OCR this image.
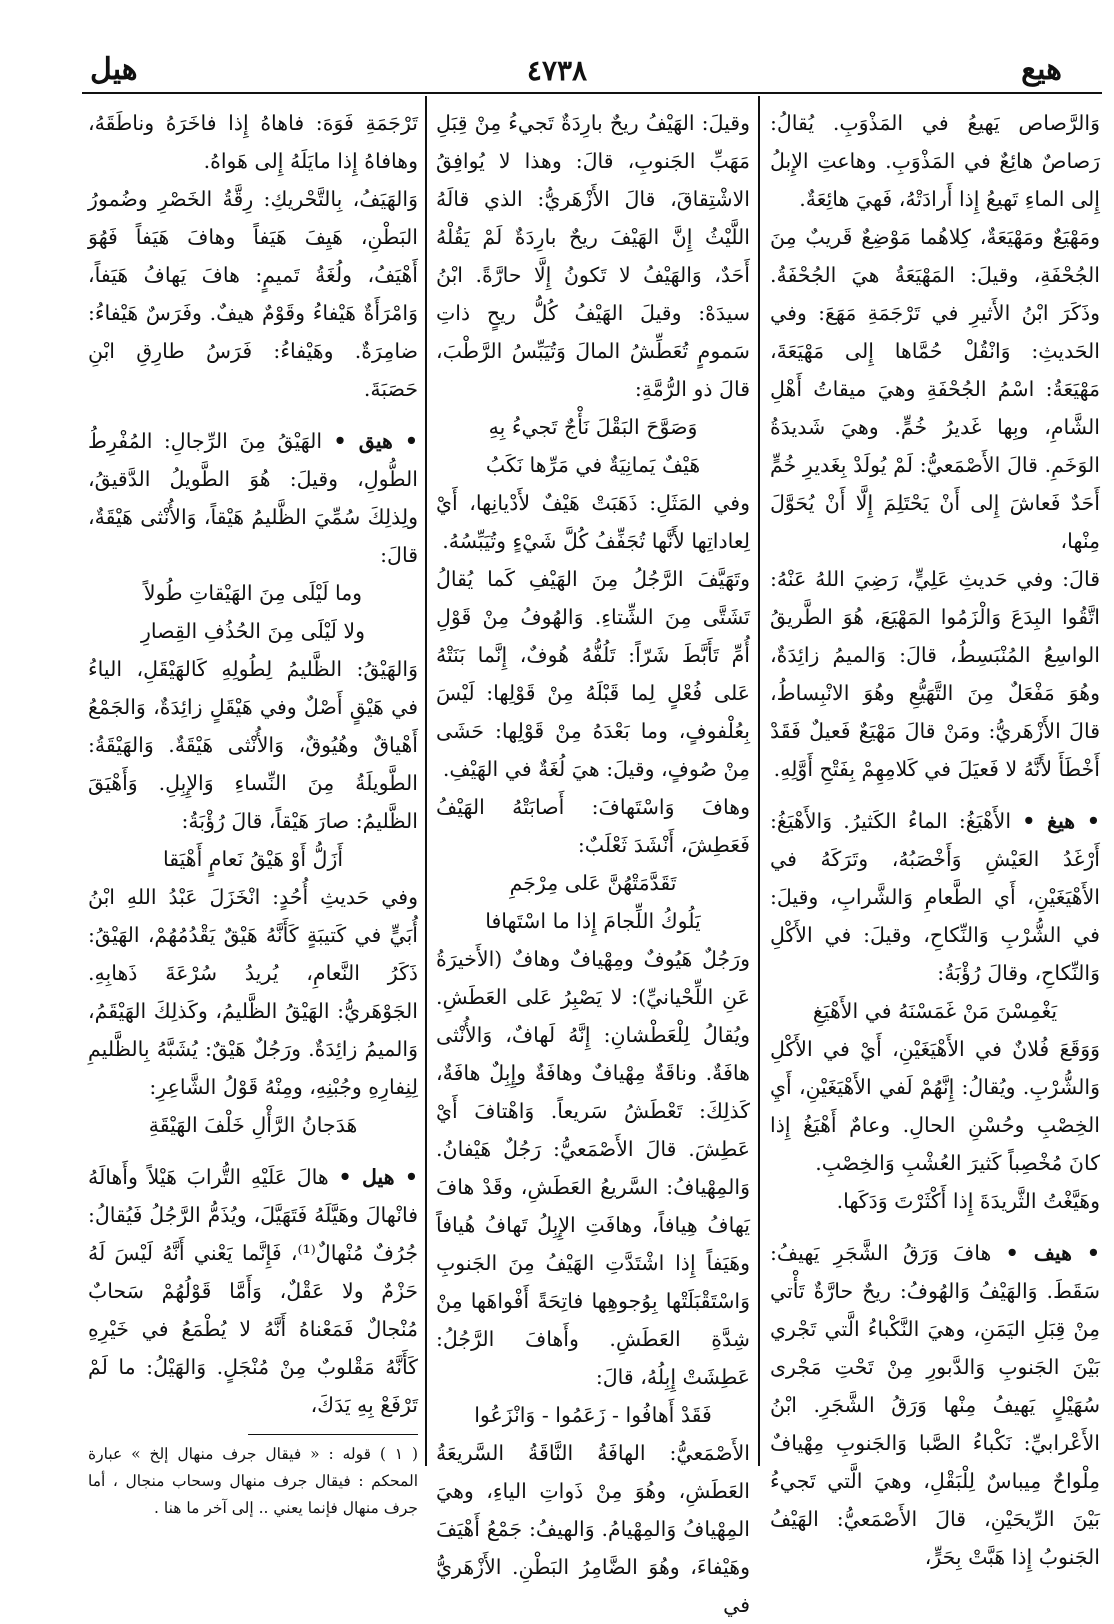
هيع
٤٧٣٨
هيل

وَالرَّصاص يَهيعُ في المَذْوَبِ. يُقالُ: رَصاصٌ هائِعٌ في المَذْوَبِ. وهاعتِ الإِبلُ إِلى الماءِ تَهيعُ إِذا أَرادَتْهُ، فَهيَ هائِعَةٌ.

ومَهْيَعٌ ومَهْيَعَةٌ، كِلاهُما مَوْضِعٌ قَريبٌ مِنَ الجُحْفَةِ، وقيلَ: المَهْيَعَةُ هيَ الجُحْفَةُ. وذَكَرَ ابْنُ الأَثيرِ في تَرْجَمَةِ مَهَعَ: وفي الحَديثِ: وَانْقُلْ حُمَّاها إِلى مَهْيَعَةَ، مَهْيَعَةُ: اسْمُ الجُحْفَةِ وهيَ ميقاتُ أَهْلِ الشَّامِ، وبِها غَديرُ خُمٍّ. وهيَ شَديدَةُ الوَخَمِ. قالَ الأَصْمَعيُّ: لَمْ يُولَدْ بِغَديرِ خُمٍّ أَحَدٌ فَعاشَ إِلى أَنْ يَحْتَلِمَ إِلَّا أَنْ يُحَوَّلَ مِنْها،

قالَ: وفي حَديثِ عَلِيٍّ، رَضِيَ اللهُ عَنْهُ: اتَّقُوا البِدَعَ وَالْزَمُوا المَهْيَعَ، هُوَ الطَّريقُ الواسِعُ المُنْبَسِطُ، قالَ: وَالميمُ زائِدَةٌ، وهُوَ مَفْعَلٌ مِنَ التَّهَيُّعِ وهُوَ الانْبِساطُ، قالَ الأَزْهَريُّ: ومَنْ قالَ مَهْيَعٌ فَعيلٌ فَقَدْ أَخْطَأَ لأَنَّهُ لا فَعيَلَ في كَلامِهِمْ بِفَتْحِ أَوَّلِهِ.

• هيغ • الأَهْيَغُ: الماءُ الكَثيرُ. وَالأَهْيَغُ: أَرْغَدُ العَيْشِ وَأَخْصَبُهُ، وتَرَكَهُ في الأَهْيَغَيْنِ، أَي الطَّعامِ وَالشَّرابِ، وقيلَ: في الشُّرْبِ وَالنِّكاحِ، وقيلَ: في الأَكْلِ وَالنِّكاحِ، وقالَ رُؤْبَةُ:

يَغْمِسْنَ مَنْ غَمَسْنَهُ في الأَهْيَغِ

وَوَقَعَ فُلانٌ في الأَهْيَغَيْنِ، أَيْ في الأَكْلِ وَالشُّرْبِ. ويُقالُ: إِنَّهُمْ لَفي الأَهْيَغَيْنِ، أَيِ الخِصْبِ وحُسْنِ الحالِ. وعامٌ أَهْيَغُ إِذا كانَ مُخْصِباً كَثيرَ العُشْبِ وَالخِصْبِ.

وهَيَّغْتُ الثَّريدَةَ إِذا أَكْثَرْتَ وَدَكَها.

• هيف • هافَ وَرَقُ الشَّجَرِ يَهيفُ: سَقَطَ. وَالهَيْفُ وَالهُوفُ: ريحٌ حارَّةٌ تَأْتي مِنْ قِبَلِ اليَمَنِ، وهيَ النَّكْباءُ الَّتي تَجْري بَيْنَ الجَنوبِ وَالدَّبورِ مِنْ تَحْتِ مَجْرى سُهَيْلٍ يَهيفُ مِنْها وَرَقُ الشَّجَرِ. ابْنُ الأَعْرابيِّ: نَكْباءُ الصَّبا وَالجَنوبِ مِهْيافٌ مِلْواحٌ مِيباسٌ لِلْبَقْلِ، وهيَ الَّتي تَجيءُ بَيْنَ الرِّيحَيْنِ، قالَ الأَصْمَعيُّ: الهَيْفُ الجَنوبُ إِذا هَبَّتْ بِحَرٍّ،

وقيلَ: الهَيْفُ ريحٌ بارِدَةٌ تَجيءُ مِنْ قِبَلِ مَهَبِّ الجَنوبِ، قالَ: وهذا لا يُوافِقُ الاشْتِقاقَ، قالَ الأَزْهَريُّ: الذي قالَهُ اللَّيْثُ إِنَّ الهَيْفَ ريحٌ بارِدَةٌ لَمْ يَقُلْهُ أَحَدٌ، وَالهَيْفُ لا تَكونُ إِلَّا حارَّةً. ابْنُ سيدَهْ: وقيلَ الهَيْفُ كُلُّ ريحٍ ذاتِ سَمومٍ تُعَطِّشُ المالَ وَتُيَبِّسُ الرَّطْبَ، قالَ ذو الرُّمَّةِ:

وَصَوَّحَ البَقْلَ نَأْجٌ تَجيءُ بِهِ

هَيْفٌ يَمانِيَةٌ في مَرِّها نَكَبُ

وفي المَثَلِ: ذَهَبَتْ هَيْفٌ لأَدْيانِها، أَيْ لِعاداتِها لأَنَّها تُجَفِّفُ كُلَّ شَيْءٍ وتُيَبِّسُهُ.

وتَهَيَّفَ الرَّجُلُ مِنَ الهَيْفِ كَما يُقالُ تَشَتَّى مِنَ الشِّتاءِ. وَالهُوفُ مِنْ قَوْلِ أُمِّ تَأَبَّطَ شَرّاً: تَلُفُّهُ هُوفٌ، إِنَّما بَنَتْهُ عَلى فُعْلٍ لِما قَبْلَهُ مِنْ قَوْلِها: لَيْسَ بِعُلْفوفٍ، وما بَعْدَهُ مِنْ قَوْلِها: حَشَى مِنْ صُوفٍ، وقيلَ: هيَ لُغَةٌ في الهَيْفِ.

وهافَ وَاسْتَهافَ: أَصابَتْهُ الهَيْفُ فَعَطِشَ، أَنْشَدَ ثَعْلَبٌ:

تَقَدَّمَتْهُنَّ عَلى مِرْجَمِ

يَلُوكُ اللِّجامَ إِذا ما اسْتَهافا

ورَجُلٌ هَيُوفٌ ومِهْيافٌ وهافٌ (الأَخيرَةُ عَنِ اللِّحْيانيِّ): لا يَصْبِرُ عَلى العَطَشِ. ويُقالُ لِلْعَطْشانِ: إِنَّهُ لَهافٌ، وَالأُنْثى هافَةٌ. وناقَةٌ مِهْيافٌ وهافَةٌ وإِبِلٌ هافَةٌ، كَذلِكَ: تَعْطَشُ سَريعاً. وَاهْتافَ أَيْ عَطِشَ. قالَ الأَصْمَعيُّ: رَجُلٌ هَيْفانُ. وَالمِهْيافُ: السَّريعُ العَطَشِ، وقَدْ هافَ يَهافُ هِيافاً، وهافَتِ الإِبِلُ تَهافُ هُيافاً وهَيَفاً إِذا اشْتَدَّتِ الهَيْفُ مِنَ الجَنوبِ وَاسْتَقْبَلَتْها بِوُجوهِها فاتِحَةً أَفْواهَها مِنْ شِدَّةِ العَطَشِ. وأَهافَ الرَّجُلُ: عَطِشَتْ إِبِلُهُ، قالَ:

فَقَدْ أَهافُوا - زَعَمُوا - وَانْزَعُوا

الأَصْمَعيُّ: الهافَةُ النَّاقَةُ السَّريعَةُ العَطَشِ، وهُوَ مِنْ ذَواتِ الياءِ، وهيَ المِهْيافُ وَالمِهْيامُ. وَالهيفُ: جَمْعُ أَهْيَفَ وهَيْفاءَ، وهُوَ الضَّامِرُ البَطْنِ. الأَزْهَريُّ في

تَرْجَمَةِ فَوَهَ: فاهاهُ إِذا فاخَرَهُ وناطَقَهُ، وهافاهُ إِذا مايَلَهُ إِلى هَواهُ.

وَالهَيَفُ، بِالتَّحْريكِ: رِقَّةُ الخَصْرِ وضُمورُ البَطْنِ، هَيِفَ هَيَفاً وهافَ هَيَفاً فَهُوَ أَهْيَفُ، ولُغَةُ تَميمٍ: هافَ يَهافُ هَيَفاً، وَامْرَأَةٌ هَيْفاءُ وقَوْمٌ هيفٌ. وفَرَسٌ هَيْفاءُ: ضامِرَةٌ. وهَيْفاءُ: فَرَسُ طارِقِ ابْنِ حَصَبَةَ.

• هيق • الهَيْقُ مِنَ الرِّجالِ: المُفْرِطُ الطُّولِ، وقيلَ: هُوَ الطَّويلُ الدَّقيقُ، ولِذلِكَ سُمِّيَ الظَّليمُ هَيْقاً، وَالأُنْثى هَيْقَةٌ، قالَ:

وما لَيْلَى مِنَ الهَيْقاتِ طُولاً

ولا لَيْلَى مِنَ الحُذُفِ القِصارِ

وَالهَيْقُ: الظَّليمُ لِطُولِهِ كَالهَيْقَلِ، الياءُ في هَيْقٍ أَصْلٌ وفي هَيْقَلٍ زائِدَةٌ، وَالجَمْعُ أَهْياقٌ وهُيُوقٌ، وَالأُنْثى هَيْقَةٌ. وَالهَيْقَةُ: الطَّويلَةُ مِنَ النِّساءِ وَالإِبِلِ. وَأَهْيَقَ الظَّليمُ: صارَ هَيْقاً، قالَ رُؤْبَةُ:

أَزَلُّ أَوْ هَيْقُ نَعامٍ أَهْيَقا

وفي حَديثِ أُحُدٍ: انْخَزَلَ عَبْدُ اللهِ ابْنُ أُبَيٍّ في كَتيبَةٍ كَأَنَّهُ هَيْقٌ يَقْدُمُهُمْ، الهَيْقُ: ذَكَرُ النَّعامِ، يُريدُ سُرْعَةَ ذَهابِهِ. الجَوْهَريُّ: الهَيْقُ الظَّليمُ، وكَذلِكَ الهَيْقَمُ، وَالميمُ زائِدَةٌ. ورَجُلٌ هَيْقٌ: يُشَبَّهُ بِالظَّليمِ لِنِفارِهِ وجُبْنِهِ، ومِنْهُ قَوْلُ الشَّاعِرِ:

هَدَجانُ الرَّأْلِ خَلْفَ الهَيْقَةِ

• هيل • هالَ عَلَيْهِ التُّرابَ هَيْلاً وأَهالَهُ فانْهالَ وهَيَّلَهُ فَتَهَيَّلَ، ويُذَمُّ الرَّجُلُ فَيُقالُ: جُرُفٌ مُنْهالٌ⁽¹⁾، فَإِنَّما يَعْني أَنَّهُ لَيْسَ لَهُ حَزْمٌ ولا عَقْلٌ، وَأَمَّا قَوْلُهُمْ سَحابٌ مُنْجالٌ فَمَعْناهُ أَنَّهُ لا يُطْمَعُ في خَيْرِهِ كَأَنَّهُ مَقْلوبٌ مِنْ مُنْجَلٍ. وَالهَيْلُ: ما لَمْ تَرْفَعْ بِهِ يَدَكَ،

( ١ ) قوله : « فيقال جرف منهال إلخ » عبارة المحكم : فيقال جرف منهال وسحاب منجال ، أما جرف منهال فإنما يعني .. إلى آخر ما هنا .
